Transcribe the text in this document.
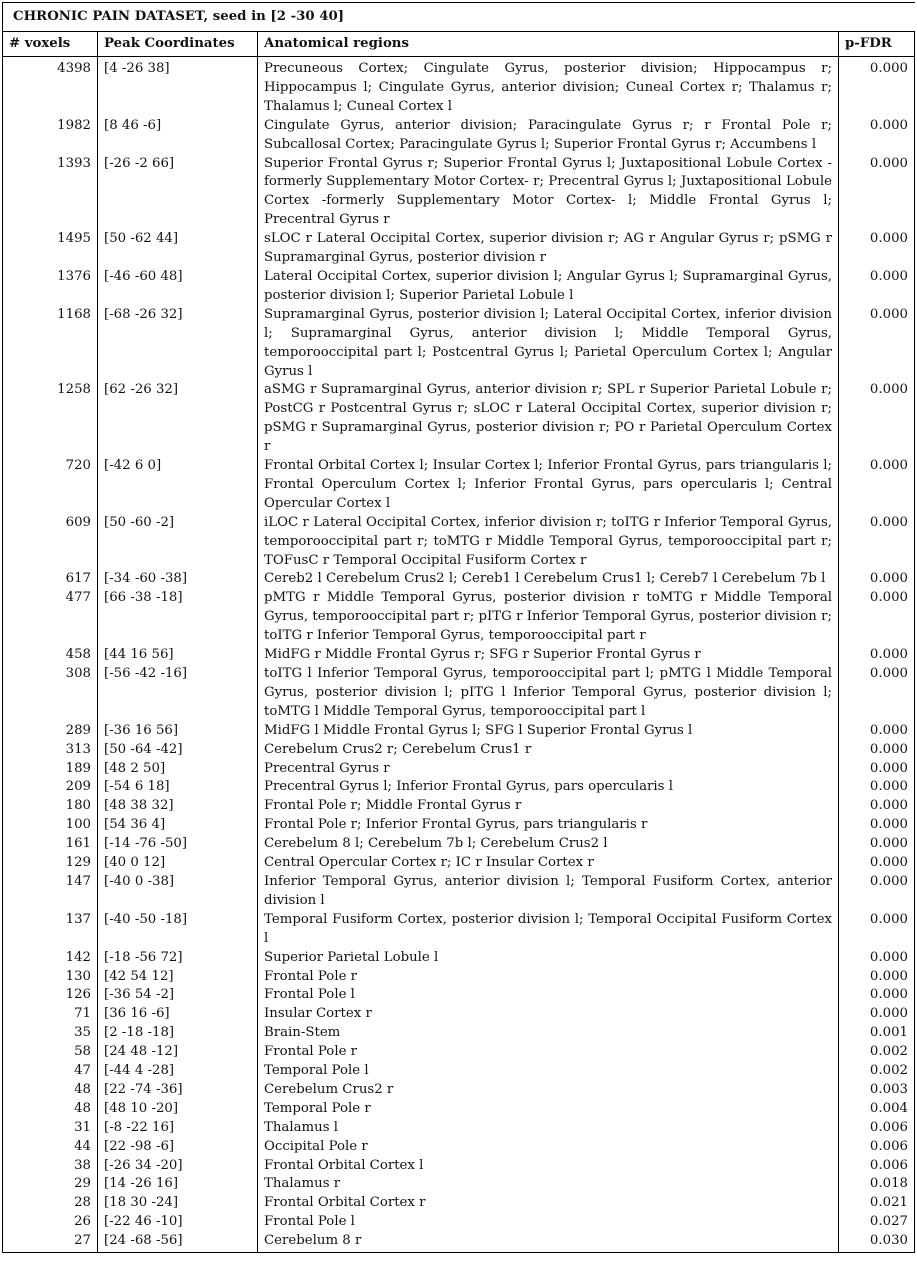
CHRONIC PAIN DATASET, seed in [2 -30 40]			
# voxels	Peak Coordinates	Anatomical regions	p-FDR

4398	[4 -26 38]	Precuneous Cortex; Cingulate Gyrus, posterior division; Hippocampus r; Hippocampus l; Cingulate Gyrus, anterior division; Cuneal Cortex r; Thalamus r; Thalamus l; Cuneal Cortex l	0.000
1982	[8 46 -6]	Cingulate Gyrus, anterior division; Paracingulate Gyrus r; r Frontal Pole r; Subcallosal Cortex; Paracingulate Gyrus l; Superior Frontal Gyrus r; Accumbens l	0.000
1393	[-26 -2 66]	Superior Frontal Gyrus r; Superior Frontal Gyrus l; Juxtapositional Lobule Cortex -formerly Supplementary Motor Cortex- r; Precentral Gyrus l; Juxtapositional Lobule Cortex -formerly Supplementary Motor Cortex- l; Middle Frontal Gyrus l; Precentral Gyrus r	0.000
1495	[50 -62 44]	sLOC r Lateral Occipital Cortex, superior division r; AG r Angular Gyrus r; pSMG r Supramarginal Gyrus, posterior division r	0.000
1376	[-46 -60 48]	Lateral Occipital Cortex, superior division l; Angular Gyrus l; Supramarginal Gyrus, posterior division l; Superior Parietal Lobule l	0.000
1168	[-68 -26 32]	Supramarginal Gyrus, posterior division l; Lateral Occipital Cortex, inferior division l; Supramarginal Gyrus, anterior division l; Middle Temporal Gyrus, temporooccipital part l; Postcentral Gyrus l; Parietal Operculum Cortex l; Angular Gyrus l	0.000
1258	[62 -26 32]	aSMG r Supramarginal Gyrus, anterior division r; SPL r Superior Parietal Lobule r; PostCG r Postcentral Gyrus r; sLOC r Lateral Occipital Cortex, superior division r; pSMG r Supramarginal Gyrus, posterior division r; PO r Parietal Operculum Cortex r	0.000
720	[-42 6 0]	Frontal Orbital Cortex l; Insular Cortex l; Inferior Frontal Gyrus, pars triangularis l; Frontal Operculum Cortex l; Inferior Frontal Gyrus, pars opercularis l; Central Opercular Cortex l	0.000
609	[50 -60 -2]	iLOC r Lateral Occipital Cortex, inferior division r; toITG r Inferior Temporal Gyrus, temporooccipital part r; toMTG r Middle Temporal Gyrus, temporooccipital part r; TOFusC r Temporal Occipital Fusiform Cortex r	0.000
617	[-34 -60 -38]	Cereb2 l Cerebelum Crus2 l; Cereb1 l Cerebelum Crus1 l; Cereb7 l Cerebelum 7b l	0.000
477	[66 -38 -18]	pMTG r Middle Temporal Gyrus, posterior division r toMTG r Middle Temporal Gyrus, temporooccipital part r; pITG r Inferior Temporal Gyrus, posterior division r; toITG r Inferior Temporal Gyrus, temporooccipital part r	0.000
458	[44 16 56]	MidFG r Middle Frontal Gyrus r; SFG r Superior Frontal Gyrus r	0.000
308	[-56 -42 -16]	toITG l Inferior Temporal Gyrus, temporooccipital part l; pMTG l Middle Temporal Gyrus, posterior division l; pITG l Inferior Temporal Gyrus, posterior division l; toMTG l Middle Temporal Gyrus, temporooccipital part l	0.000
289	[-36 16 56]	MidFG l Middle Frontal Gyrus l; SFG l Superior Frontal Gyrus l	0.000
313	[50 -64 -42]	Cerebelum Crus2 r; Cerebelum Crus1 r	0.000
189	[48 2 50]	Precentral Gyrus r	0.000
209	[-54 6 18]	Precentral Gyrus l; Inferior Frontal Gyrus, pars opercularis l	0.000
180	[48 38 32]	Frontal Pole r; Middle Frontal Gyrus r	0.000
100	[54 36 4]	Frontal Pole r; Inferior Frontal Gyrus, pars triangularis r	0.000
161	[-14 -76 -50]	Cerebelum 8 l; Cerebelum 7b l; Cerebelum Crus2 l	0.000
129	[40 0 12]	Central Opercular Cortex r; IC r Insular Cortex r	0.000
147	[-40 0 -38]	Inferior Temporal Gyrus, anterior division l; Temporal Fusiform Cortex, anterior division l	0.000
137	[-40 -50 -18]	Temporal Fusiform Cortex, posterior division l; Temporal Occipital Fusiform Cortex l	0.000
142	[-18 -56 72]	Superior Parietal Lobule l	0.000
130	[42 54 12]	Frontal Pole r	0.000
126	[-36 54 -2]	Frontal Pole l	0.000
71	[36 16 -6]	Insular Cortex r	0.000
35	[2 -18 -18]	Brain-Stem	0.001
58	[24 48 -12]	Frontal Pole r	0.002
47	[-44 4 -28]	Temporal Pole l	0.002
48	[22 -74 -36]	Cerebelum Crus2 r	0.003
48	[48 10 -20]	Temporal Pole r	0.004
31	[-8 -22 16]	Thalamus l	0.006
44	[22 -98 -6]	Occipital Pole r	0.006
38	[-26 34 -20]	Frontal Orbital Cortex l	0.006
29	[14 -26 16]	Thalamus r	0.018
28	[18 30 -24]	Frontal Orbital Cortex r	0.021
26	[-22 46 -10]	Frontal Pole l	0.027
27	[24 -68 -56]	Cerebelum 8 r	0.030
